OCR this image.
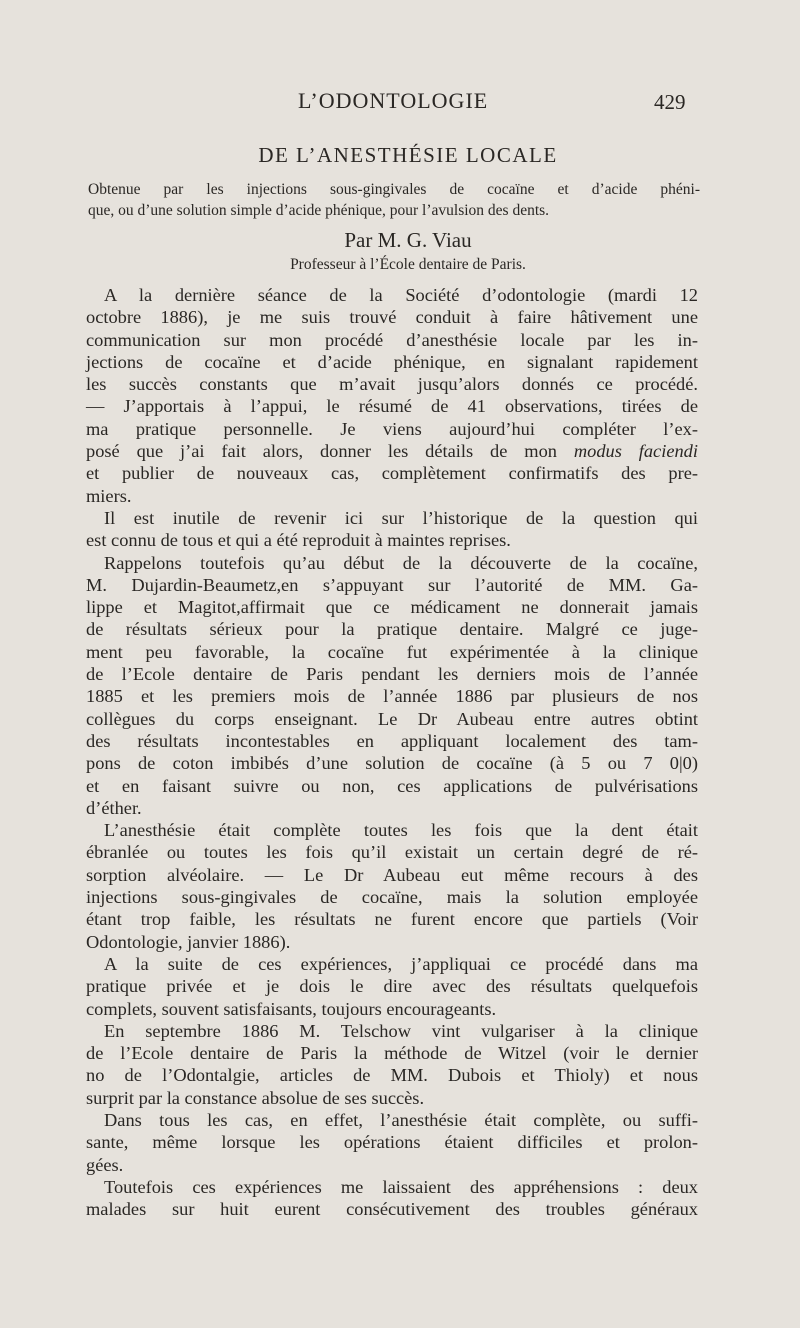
L’ODONTOLOGIE	429
DE L’ANESTHÉSIE LOCALE
Obtenue par les injections sous-gingivales de cocaïne et d’acide phéni-
que, ou d’une solution simple d’acide phénique, pour l’avulsion des dents.
Par M. G. Viau
Professeur à l’École dentaire de Paris.
A la dernière séance de la Société d’odontologie (mardi 12
octobre 1886), je me suis trouvé conduit à faire hâtivement une
communication sur mon procédé d’anesthésie locale par les in-
jections de cocaïne et d’acide phénique, en signalant rapidement
les succès constants que m’avait jusqu’alors donnés ce procédé.
— J’apportais à l’appui, le résumé de 41 observations, tirées de
ma pratique personnelle. Je viens aujourd’hui compléter l’ex-
posé que j’ai fait alors, donner les détails de mon modus faciendi
et publier de nouveaux cas, complètement confirmatifs des pre-
miers.
Il est inutile de revenir ici sur l’historique de la question qui
est connu de tous et qui a été reproduit à maintes reprises.
Rappelons toutefois qu’au début de la découverte de la cocaïne,
M. Dujardin-Beaumetz,en s’appuyant sur l’autorité de MM. Ga-
lippe et Magitot,affirmait que ce médicament ne donnerait jamais
de résultats sérieux pour la pratique dentaire. Malgré ce juge-
ment peu favorable, la cocaïne fut expérimentée à la clinique
de l’Ecole dentaire de Paris pendant les derniers mois de l’année
1885 et les premiers mois de l’année 1886 par plusieurs de nos
collègues du corps enseignant. Le Dr Aubeau entre autres obtint
des résultats incontestables en appliquant localement des tam-
pons de coton imbibés d’une solution de cocaïne (à 5 ou 7 0|0)
et en faisant suivre ou non, ces applications de pulvérisations
d’éther.
L’anesthésie était complète toutes les fois que la dent était
ébranlée ou toutes les fois qu’il existait un certain degré de ré-
sorption alvéolaire. — Le Dr Aubeau eut même recours à des
injections sous-gingivales de cocaïne, mais la solution employée
étant trop faible, les résultats ne furent encore que partiels (Voir
Odontologie, janvier 1886).
A la suite de ces expériences, j’appliquai ce procédé dans ma
pratique privée et je dois le dire avec des résultats quelquefois
complets, souvent satisfaisants, toujours encourageants.
En septembre 1886 M. Telschow vint vulgariser à la clinique
de l’Ecole dentaire de Paris la méthode de Witzel (voir le dernier
no de l’Odontalgie, articles de MM. Dubois et Thioly) et nous
surprit par la constance absolue de ses succès.
Dans tous les cas, en effet, l’anesthésie était complète, ou suffi-
sante, même lorsque les opérations étaient difficiles et prolon-
gées.
Toutefois ces expériences me laissaient des appréhensions : deux
malades sur huit eurent consécutivement des troubles généraux
